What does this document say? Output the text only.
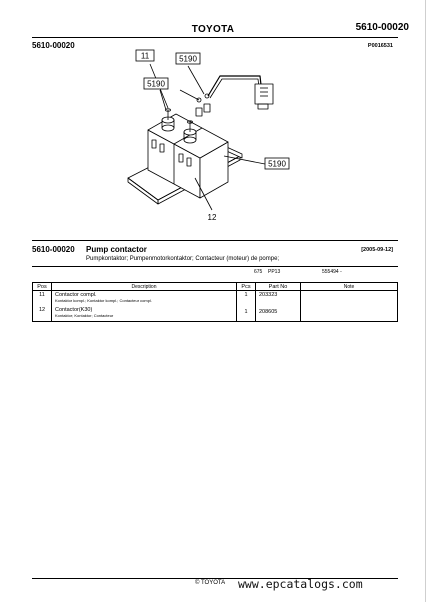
TOYOTA	5610-00020
5610-00020	P0016531
11	5190
5190
5190
12
5610-00020 Pump contactor	[2005-09-12]
Pumpkontaktor; Pumpenmotorkontaktor; Contacteur (moteur) de pompe;
675 PP13	555494 -
Pos	Description	Pcs	Part No	Note
11	Contactor compl.
Kontaktor kompl.; Kontaktor kompl.; Contacteur compl.	1	203323	
12	Contactor(K30)
Kontaktor; Kontaktor; Contacteur	1	208605	
© TOYOTA www.epcatalogs.com
